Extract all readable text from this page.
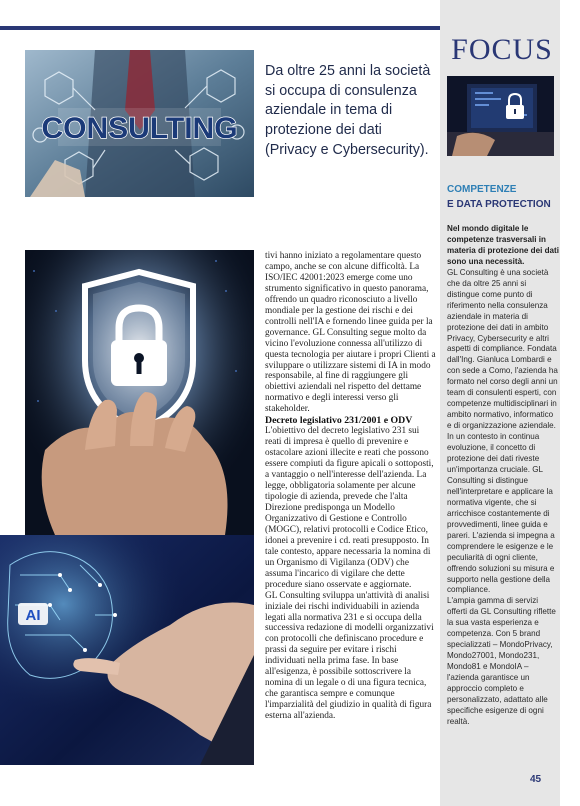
CONSULTING
Da oltre 25 anni la società si occupa di consulenza aziendale in tema di protezione dei dati (Privacy e Cybersecurity).
AI

tivi hanno iniziato a regolamentare questo campo, anche se con alcune difficoltà. La ISO/IEC 42001:2023 emerge come uno strumento significativo in questo panorama, offrendo un quadro riconosciuto a livello mondiale per la gestione dei rischi e dei controlli nell'IA e fornendo linee guida per la governance. GL Consulting segue molto da vicino l'evoluzione connessa all'utilizzo di questa tecnologia per aiutare i propri Clienti a sviluppare o utilizzare sistemi di IA in modo responsabile, al fine di raggiungere gli obiettivi aziendali nel rispetto del dettame normativo e degli interessi verso gli stakeholder.

Decreto legislativo 231/2001 e ODV

L'obiettivo del decreto legislativo 231 sui reati di impresa è quello di prevenire e ostacolare azioni illecite e reati che possono essere compiuti da figure apicali o sottoposti, a vantaggio o nell'interesse dell'azienda. La legge, obbligatoria solamente per alcune tipologie di azienda, prevede che l'alta Direzione predisponga un Modello Organizzativo di Gestione e Controllo (MOGC), relativi protocolli e Codice Etico, idonei a prevenire i cd. reati presupposto. In tale contesto, appare necessaria la nomina di un Organismo di Vigilanza (ODV) che assuma l'incarico di vigilare che dette procedure siano osservate e aggiornate.

GL Consulting sviluppa un'attività di analisi iniziale dei rischi individuabili in azienda legati alla normativa 231 e si occupa della successiva redazione di modelli organizzativi con protocolli che definiscano procedure e prassi da seguire per evitare i rischi individuati nella prima fase. In base all'esigenza, è possibile sottoscrivere la nomina di un legale o di una figura tecnica, che garantisca sempre e comunque l'imparzialità del giudizio in qualità di figura esterna all'azienda.

FOCUS
COMPETENZE
E DATA PROTECTION

Nel mondo digitale le competenze trasversali in materia di protezione dei dati sono una necessità.

GL Consulting è una società che da oltre 25 anni si distingue come punto di riferimento nella consulenza aziendale in materia di protezione dei dati in ambito Privacy, Cybersecurity e altri aspetti di compliance. Fondata dall'Ing. Gianluca Lombardi e con sede a Como, l'azienda ha formato nel corso degli anni un team di consulenti esperti, con competenze multidisciplinari in ambito normativo, informatico e di organizzazione aziendale.

In un contesto in continua evoluzione, il concetto di protezione dei dati riveste un'importanza cruciale. GL Consulting si distingue nell'interpretare e applicare la normativa vigente, che si arricchisce costantemente di provvedimenti, linee guida e pareri. L'azienda si impegna a comprendere le esigenze e le peculiarità di ogni cliente, offrendo soluzioni su misura e supporto nella gestione della compliance.

L'ampia gamma di servizi offerti da GL Consulting riflette la sua vasta esperienza e competenza. Con 5 brand specializzati – MondoPrivacy, Mondo27001, Mondo231, Mondo81 e MondoIA – l'azienda garantisce un approccio completo e personalizzato, adattato alle specifiche esigenze di ogni realtà.

45
